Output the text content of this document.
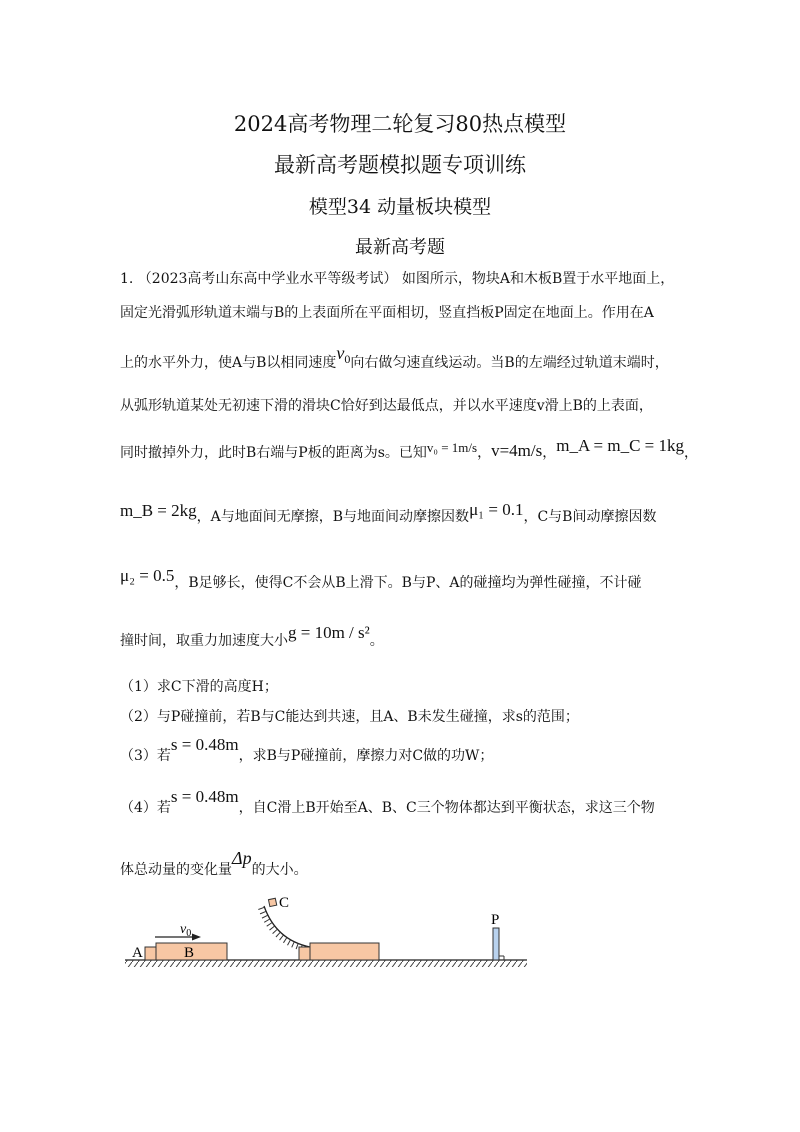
2024高考物理二轮复习80热点模型
最新高考题模拟题专项训练
模型34 动量板块模型
最新高考题
1. （2023高考山东高中学业水平等级考试） 如图所示，物块A和木板B置于水平地面上，
固定光滑弧形轨道末端与B的上表面所在平面相切，竖直挡板P固定在地面上。作用在A
上的水平外力，使A与B以相同速度$v_0$向右做匀速直线运动。当B的左端经过轨道末端时，
从弧形轨道某处无初速下滑的滑块C恰好到达最低点，并以水平速度v滑上B的上表面，
同时撤掉外力，此时B右端与P板的距离为s。已知v₀ = 1m/s，v=4m/s，m_A = m_C = 1kg，
m_B = 2kg，A与地面间无摩擦，B与地面间动摩擦因数μ₁ = 0.1，C与B间动摩擦因数
μ₂ = 0.5，B足够长，使得C不会从B上滑下。B与P、A的碰撞均为弹性碰撞，不计碰
撞时间，取重力加速度大小g = 10m / s²。
（1）求C下滑的高度H；
（2）与P碰撞前，若B与C能达到共速，且A、B未发生碰撞，求s的范围；
（3）若s = 0.48m，求B与P碰撞前，摩擦力对C做的功W；
（4）若s = 0.48m，自C滑上B开始至A、B、C三个物体都达到平衡状态，求这三个物
体总动量的变化量Δp的大小。
A	B
$v_0$
C
P
